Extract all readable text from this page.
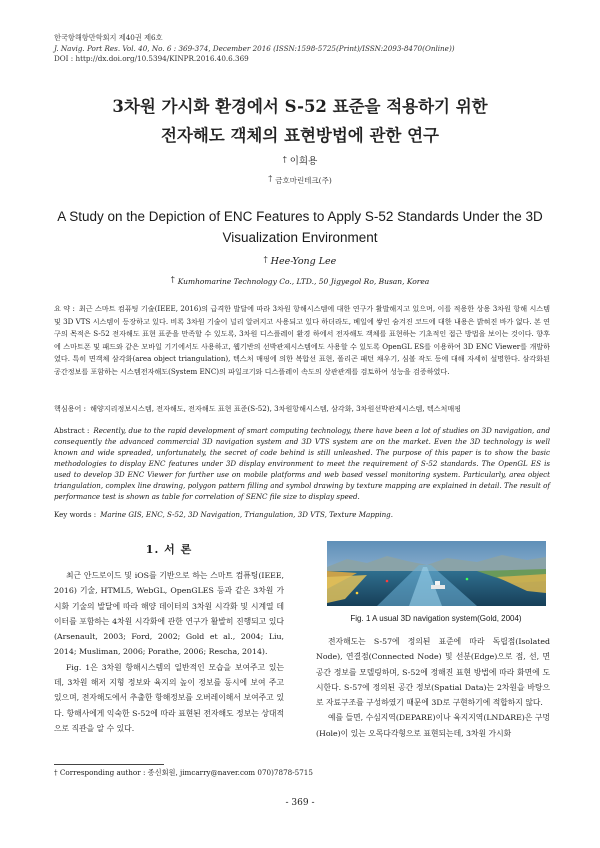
한국항해항만학회지 제40권 제6호
J. Navig. Port Res. Vol. 40, No. 6 : 369-374, December 2016 (ISSN:1598-5725(Print)/ISSN:2093-8470(Online))
DOI : http://dx.doi.org/10.5394/KINPR.2016.40.6.369
3차원 가시화 환경에서 S-52 표준을 적용하기 위한
전자해도 객체의 표현방법에 관한 연구
† 이희용
† 금호마린테크(주)
A Study on the Depiction of ENC Features to Apply S-52 Standards Under the 3D Visualization Environment
† Hee-Yong Lee
† Kumhomarine Technology Co., LTD., 50 Jigyegol Ro, Busan, Korea
요 약 : 최근 스마트 컴퓨팅 기술(IEEE, 2016)의 급격한 발달에 따라 3차원 항해시스템에 대한 연구가 활발해지고 있으며, 이를 적용한 상용 3차원 항해 시스템 및 3D VTS 시스템이 등장하고 있다. 비록 3차원 기술이 널리 알려지고 사용되고 있다 하더라도, 베일에 쌓인 숨겨진 코드에 대한 내용은 밝혀진 바가 없다. 본 연구의 목적은 S-52 전자해도 표현 표준을 만족할 수 있도록, 3차원 디스플레이 환경 하에서 전자해도 객체를 표현하는 기초적인 접근 방법을 보이는 것이다. 향후에 스마트폰 및 패드와 같은 모바일 기기에서도 사용하고, 웹기반의 선박관제시스템에도 사용할 수 있도록 OpenGL ES를 이용하여 3D ENC Viewer를 개발하였다. 특히 면객체 삼각화(area object triangulation), 텍스처 매핑에 의한 복합선 표현, 폴리곤 패턴 채우기, 심볼 작도 등에 대해 자세히 설명한다. 삼각화된 공간정보를 포함하는 시스템전자해도(System ENC)의 파일크기와 디스플레이 속도의 상관관계를 검토하여 성능을 검증하였다.
핵심용어 : 해양지리정보시스템, 전자해도, 전자해도 표현 표준(S-52), 3차원항해시스템, 삼각화, 3차원선박관제시스템, 텍스처매핑
Abstract : Recently, due to the rapid development of smart computing technology, there have been a lot of studies on 3D navigation, and consequently the advanced commercial 3D navigation system and 3D VTS system are on the market. Even the 3D technology is well known and wide spreaded, unfortunately, the secret of code behind is still unleashed. The purpose of this paper is to show the basic methodologies to display ENC features under 3D display environment to meet the requirement of S-52 standards. The OpenGL ES is used to develop 3D ENC Viewer for further use on mobile platforms and web based vessel monitoring system. Particularly, area object triangulation, complex line drawing, polygon pattern filling and symbol drawing by texture mapping are explained in detail. The result of performance test is shown as table for correlation of SENC file size to display speed.
Key words : Marine GIS, ENC, S-52, 3D Navigation, Triangulation, 3D VTS, Texture Mapping.
1. 서 론

최근 안드로이드 및 iOS를 기반으로 하는 스마트 컴퓨팅(IEEE, 2016) 기술, HTML5, WebGL, OpenGLES 등과 같은 3차원 가시화 기술의 발달에 따라 해양 데이터의 3차원 시각화 및 시계열 데이터를 포함하는 4차원 시각화에 관한 연구가 활발히 진행되고 있다(Arsenault, 2003; Ford, 2002; Gold et al., 2004; Liu, 2014; Musliman, 2006; Porathe, 2006; Rescha, 2014).

Fig. 1은 3차원 항해시스템의 일반적인 모습을 보여주고 있는데, 3차원 해저 지형 정보와 육지의 높이 정보를 동시에 보여 주고 있으며, 전자해도에서 추출한 항해정보를 오버레이해서 보여주고 있다. 항해사에게 익숙한 S-52에 따라 표현된 전자해도 정보는 상대적으로 직관을 알 수 있다.

Fig. 1 A usual 3D navigation system(Gold, 2004)

전자해도는 S-57에 정의된 표준에 따라 독립점(Isolated Node), 연결점(Connected Node) 및 선분(Edge)으로 점, 선, 면 공간 정보를 모델링하며, S-52에 정해진 표현 방법에 따라 화면에 도시한다. S-57에 정의된 공간 정보(Spatial Data)는 2차원을 바탕으로 자료구조를 구성하였기 때문에 3D로 구현하기에 적합하지 않다.

예를 들면, 수심지역(DEPARE)이나 육지지역(LNDARE)은 구멍(Hole)이 있는 오목다각형으로 표현되는데, 3차원 가시화

† Corresponding author : 종신회원, jimcarry@naver.com 070)7878-5715
- 369 -
